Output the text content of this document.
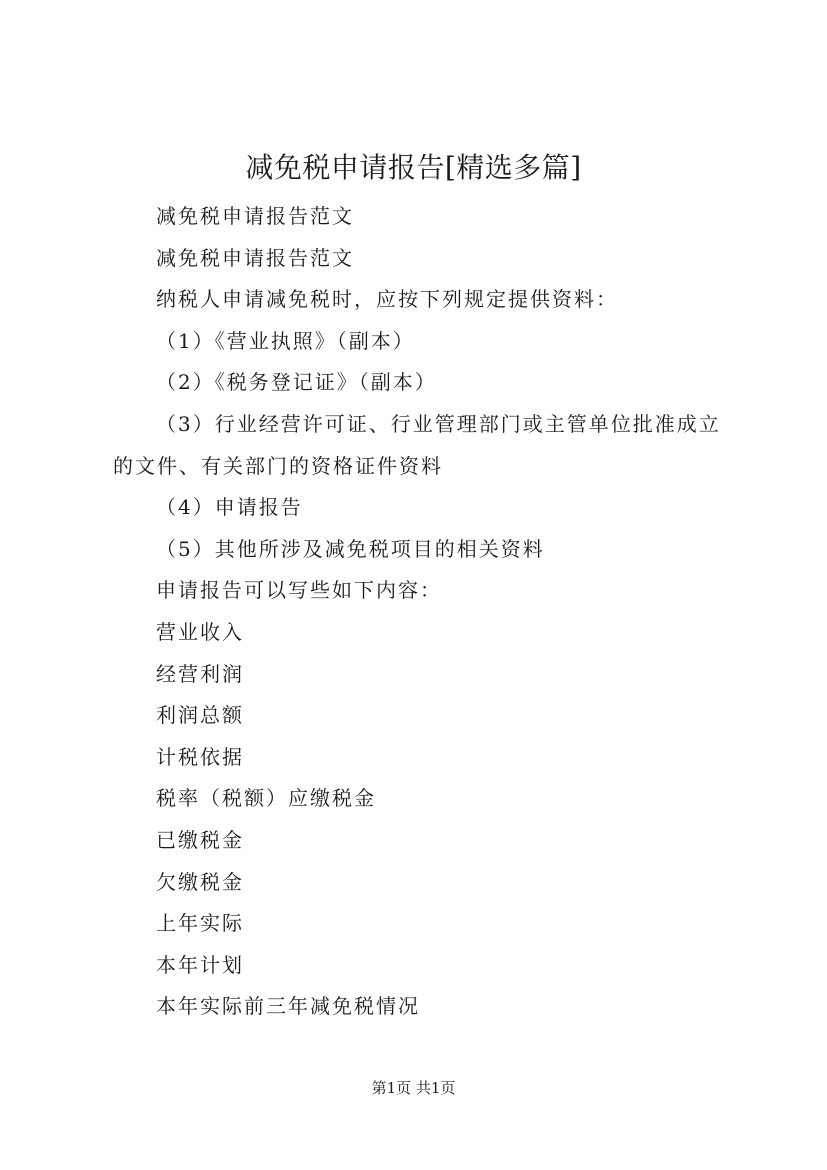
减免税申请报告[精选多篇]

减免税申请报告范文

减免税申请报告范文

纳税人申请减免税时，应按下列规定提供资料：

（1）《营业执照》（副本）

（2）《税务登记证》（副本）

（3）行业经营许可证、行业管理部门或主管单位批准成立的文件、有关部门的资格证件资料

（4）申请报告

（5）其他所涉及减免税项目的相关资料

申请报告可以写些如下内容：

营业收入

经营利润

利润总额

计税依据

税率（税额）应缴税金

已缴税金

欠缴税金

上年实际

本年计划

本年实际前三年减免税情况

第1页 共1页
